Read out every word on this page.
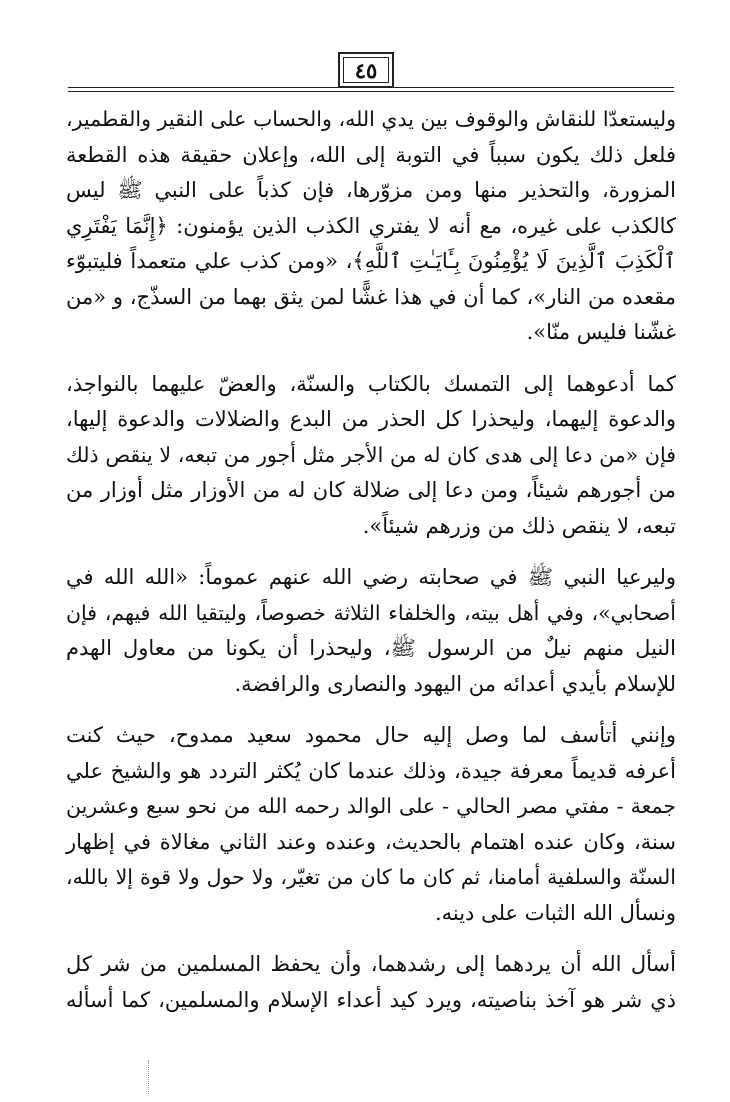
٤٥

وليستعدّا للنقاش والوقوف بين يدي الله، والحساب على النقير والقطمير،
فلعل ذلك يكون سبباً في التوبة إلى الله، وإعلان حقيقة هذه القطعة
المزورة، والتحذير منها ومن مزوّرها، فإن كذباً على النبي ﷺ ليس
كالكذب على غيره، مع أنه لا يفتري الكذب الذين يؤمنون: ﴿إِنَّمَا يَفْتَرِي
ٱلْكَذِبَ ٱلَّذِينَ لَا يُؤْمِنُونَ بِـَٔايَـٰتِ ٱللَّهِ﴾، «ومن كذب علي متعمداً فليتبوّء
مقعده من النار»، كما أن في هذا غشًّا لمن يثق بهما من السذّج، و «من
غشّنا فليس منّا».

كما أدعوهما إلى التمسك بالكتاب والسنّة، والعضّ عليهما بالنواجذ،
والدعوة إليهما، وليحذرا كل الحذر من البدع والضلالات والدعوة إليها،
فإن «من دعا إلى هدى كان له من الأجر مثل أجور من تبعه، لا ينقص ذلك
من أجورهم شيئاً، ومن دعا إلى ضلالة كان له من الأوزار مثل أوزار من
تبعه، لا ينقص ذلك من وزرهم شيئاً».

وليرعيا النبي ﷺ في صحابته رضي الله عنهم عموماً: «الله الله في
أصحابي»، وفي أهل بيته، والخلفاء الثلاثة خصوصاً، وليتقيا الله فيهم، فإن
النيل منهم نيلٌ من الرسول ﷺ، وليحذرا أن يكونا من معاول الهدم
للإسلام بأيدي أعدائه من اليهود والنصارى والرافضة.

وإنني أتأسف لما وصل إليه حال محمود سعيد ممدوح، حيث كنت
أعرفه قديماً معرفة جيدة، وذلك عندما كان يُكثر التردد هو والشيخ علي
جمعة - مفتي مصر الحالي - على الوالد رحمه الله من نحو سبع وعشرين
سنة، وكان عنده اهتمام بالحديث، وعنده وعند الثاني مغالاة في إظهار
السنّة والسلفية أمامنا، ثم كان ما كان من تغيّر، ولا حول ولا قوة إلا بالله،
ونسأل الله الثبات على دينه.

أسأل الله أن يردهما إلى رشدهما، وأن يحفظ المسلمين من شر كل
ذي شر هو آخذ بناصيته، ويرد كيد أعداء الإسلام والمسلمين، كما أسأله
